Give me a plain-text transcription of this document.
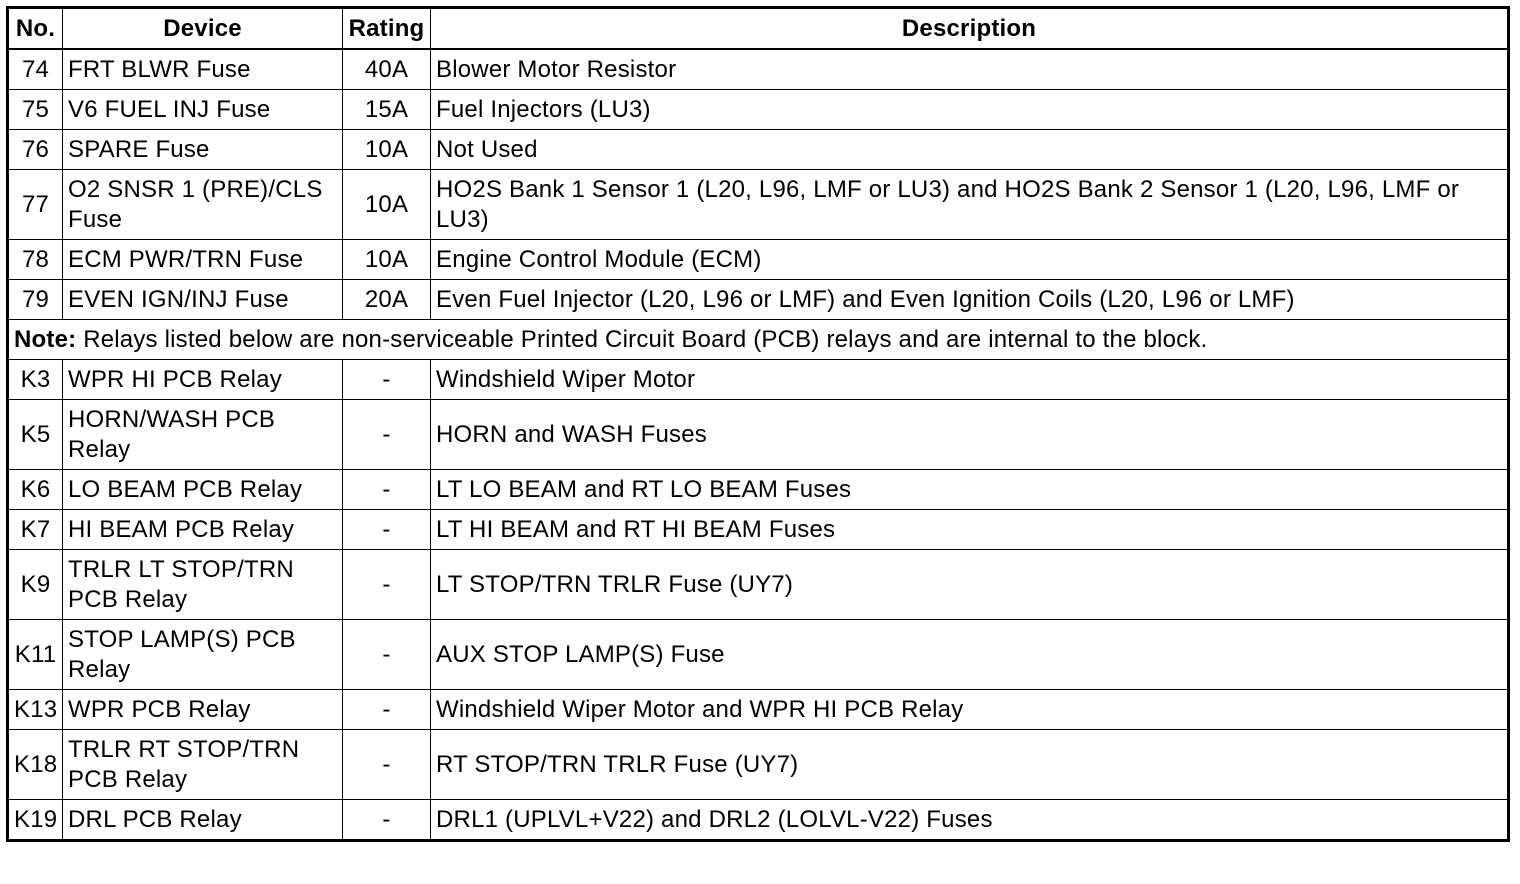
No.	Device	Rating	Description
74	FRT BLWR Fuse	40A	Blower Motor Resistor
75	V6 FUEL INJ Fuse	15A	Fuel Injectors (LU3)
76	SPARE Fuse	10A	Not Used
77	O2 SNSR 1 (PRE)/CLS Fuse	10A	HO2S Bank 1 Sensor 1 (L20, L96, LMF or LU3) and HO2S Bank 2 Sensor 1 (L20, L96, LMF or LU3)
78	ECM PWR/TRN Fuse	10A	Engine Control Module (ECM)
79	EVEN IGN/INJ Fuse	20A	Even Fuel Injector (L20, L96 or LMF) and Even Ignition Coils (L20, L96 or LMF)
Note: Relays listed below are non-serviceable Printed Circuit Board (PCB) relays and are internal to the block.			
K3	WPR HI PCB Relay	-	Windshield Wiper Motor
K5	HORN/WASH PCB Relay	-	HORN and WASH Fuses
K6	LO BEAM PCB Relay	-	LT LO BEAM and RT LO BEAM Fuses
K7	HI BEAM PCB Relay	-	LT HI BEAM and RT HI BEAM Fuses
K9	TRLR LT STOP/TRN PCB Relay	-	LT STOP/TRN TRLR Fuse (UY7)
K11	STOP LAMP(S) PCB Relay	-	AUX STOP LAMP(S) Fuse
K13	WPR PCB Relay	-	Windshield Wiper Motor and WPR HI PCB Relay
K18	TRLR RT STOP/TRN PCB Relay	-	RT STOP/TRN TRLR Fuse (UY7)
K19	DRL PCB Relay	-	DRL1 (UPLVL+V22) and DRL2 (LOLVL-V22) Fuses
